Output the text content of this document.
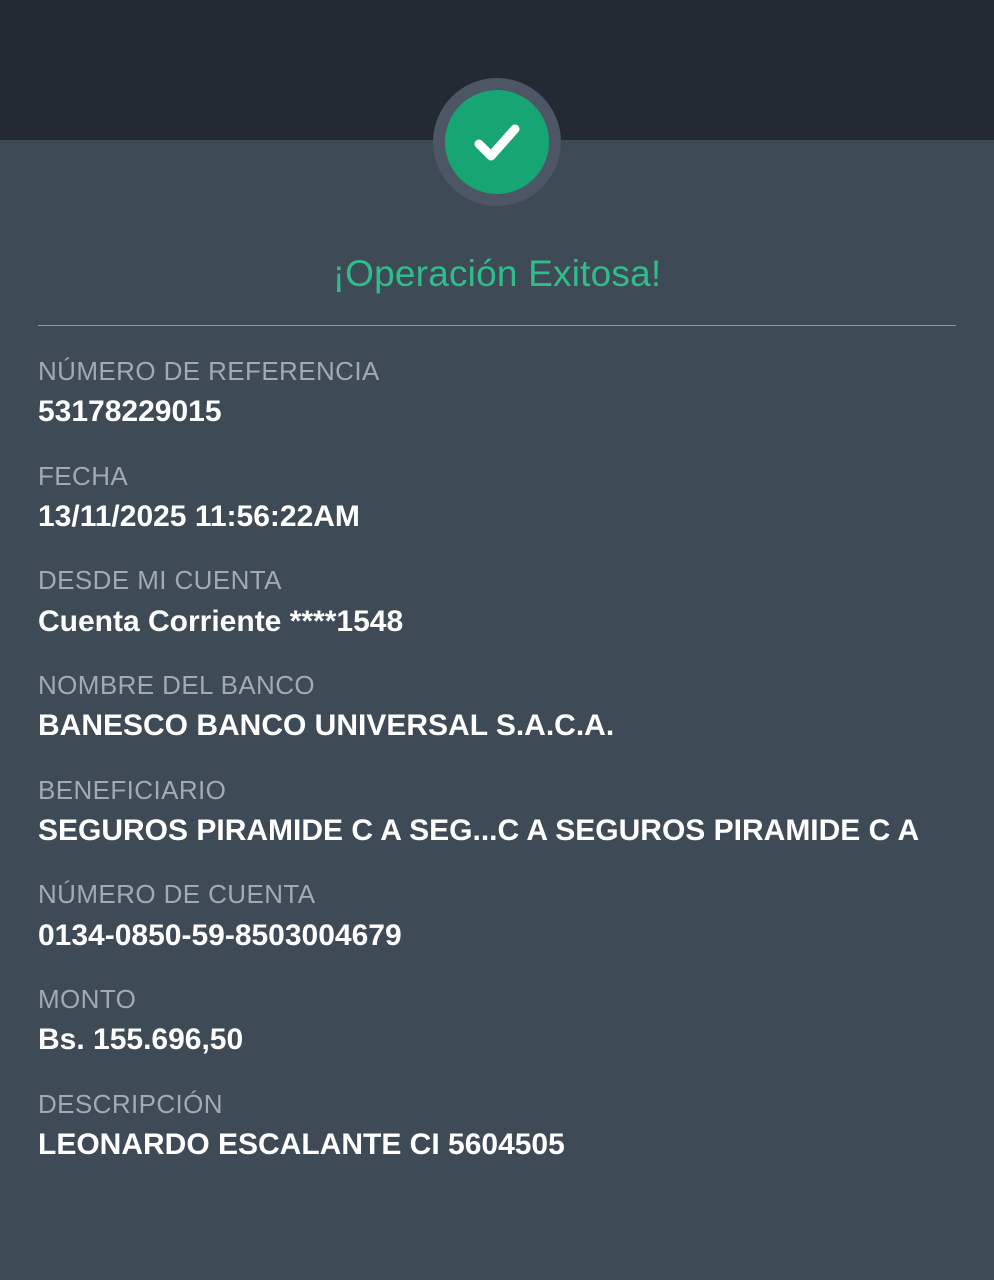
¡Operación Exitosa!
NÚMERO DE REFERENCIA
53178229015
FECHA
13/11/2025 11:56:22AM
DESDE MI CUENTA
Cuenta Corriente ****1548
NOMBRE DEL BANCO
BANESCO BANCO UNIVERSAL S.A.C.A.
BENEFICIARIO
SEGUROS PIRAMIDE C A SEG...C A SEGUROS PIRAMIDE C A
NÚMERO DE CUENTA
0134-0850-59-8503004679
MONTO
Bs. 155.696,50
DESCRIPCIÓN
LEONARDO ESCALANTE CI 5604505
